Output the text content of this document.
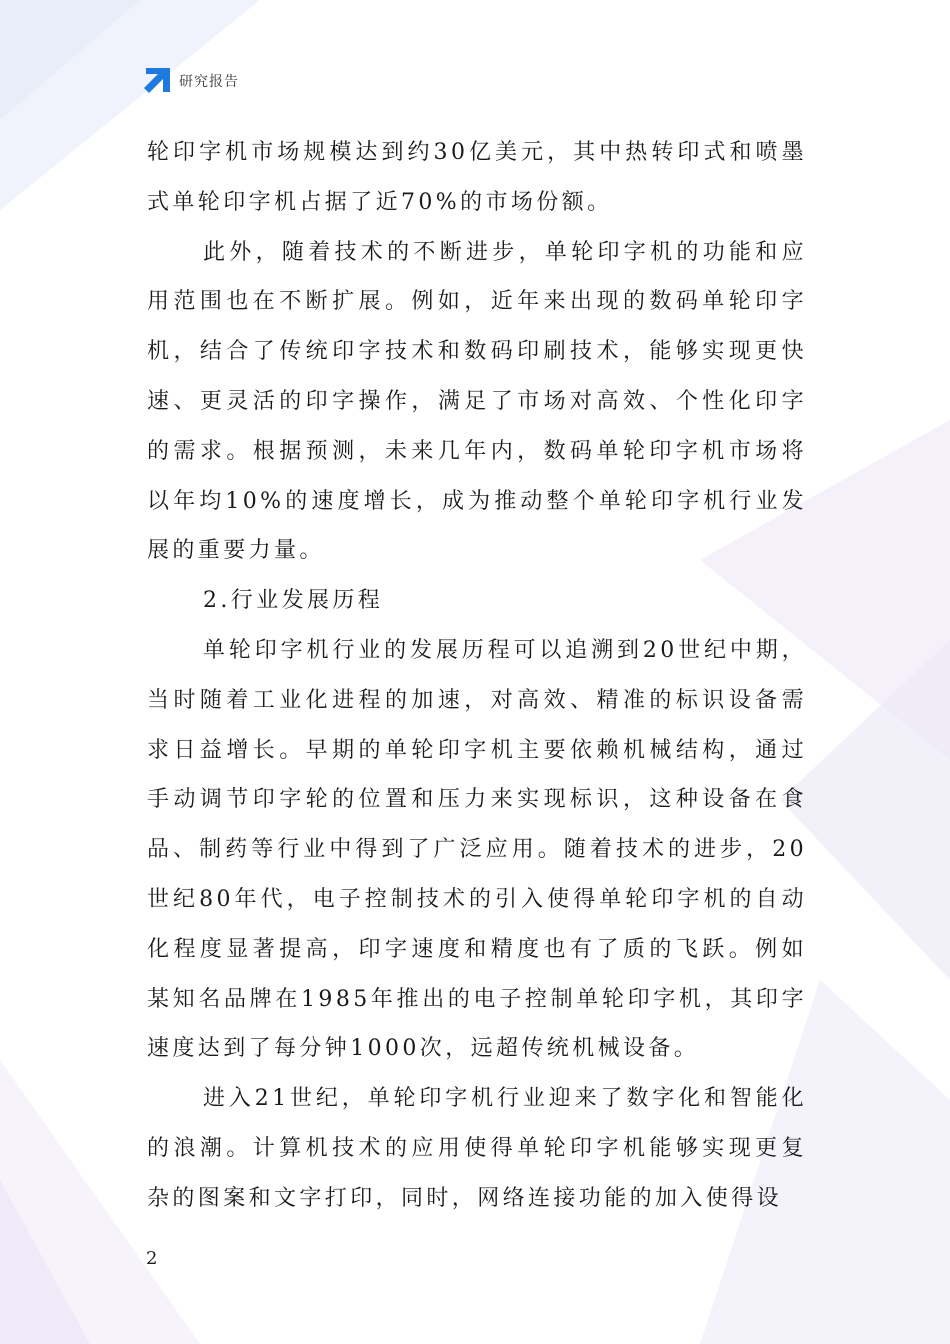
研究报告

轮印字机市场规模达到约30亿美元，其中热转印式和喷墨式单轮印字机占据了近70%的市场份额。

此外，随着技术的不断进步，单轮印字机的功能和应用范围也在不断扩展。例如，近年来出现的数码单轮印字机，结合了传统印字技术和数码印刷技术，能够实现更快速、更灵活的印字操作，满足了市场对高效、个性化印字的需求。根据预测，未来几年内，数码单轮印字机市场将以年均10%的速度增长，成为推动整个单轮印字机行业发展的重要力量。

2.行业发展历程

单轮印字机行业的发展历程可以追溯到20世纪中期，当时随着工业化进程的加速，对高效、精准的标识设备需求日益增长。早期的单轮印字机主要依赖机械结构，通过手动调节印字轮的位置和压力来实现标识，这种设备在食品、制药等行业中得到了广泛应用。随着技术的进步，20世纪80年代，电子控制技术的引入使得单轮印字机的自动化程度显著提高，印字速度和精度也有了质的飞跃。例如某知名品牌在1985年推出的电子控制单轮印字机，其印字速度达到了每分钟1000次，远超传统机械设备。

进入21世纪，单轮印字机行业迎来了数字化和智能化的浪潮。计算机技术的应用使得单轮印字机能够实现更复杂的图案和文字打印，同时，网络连接功能的加入使得设

2
